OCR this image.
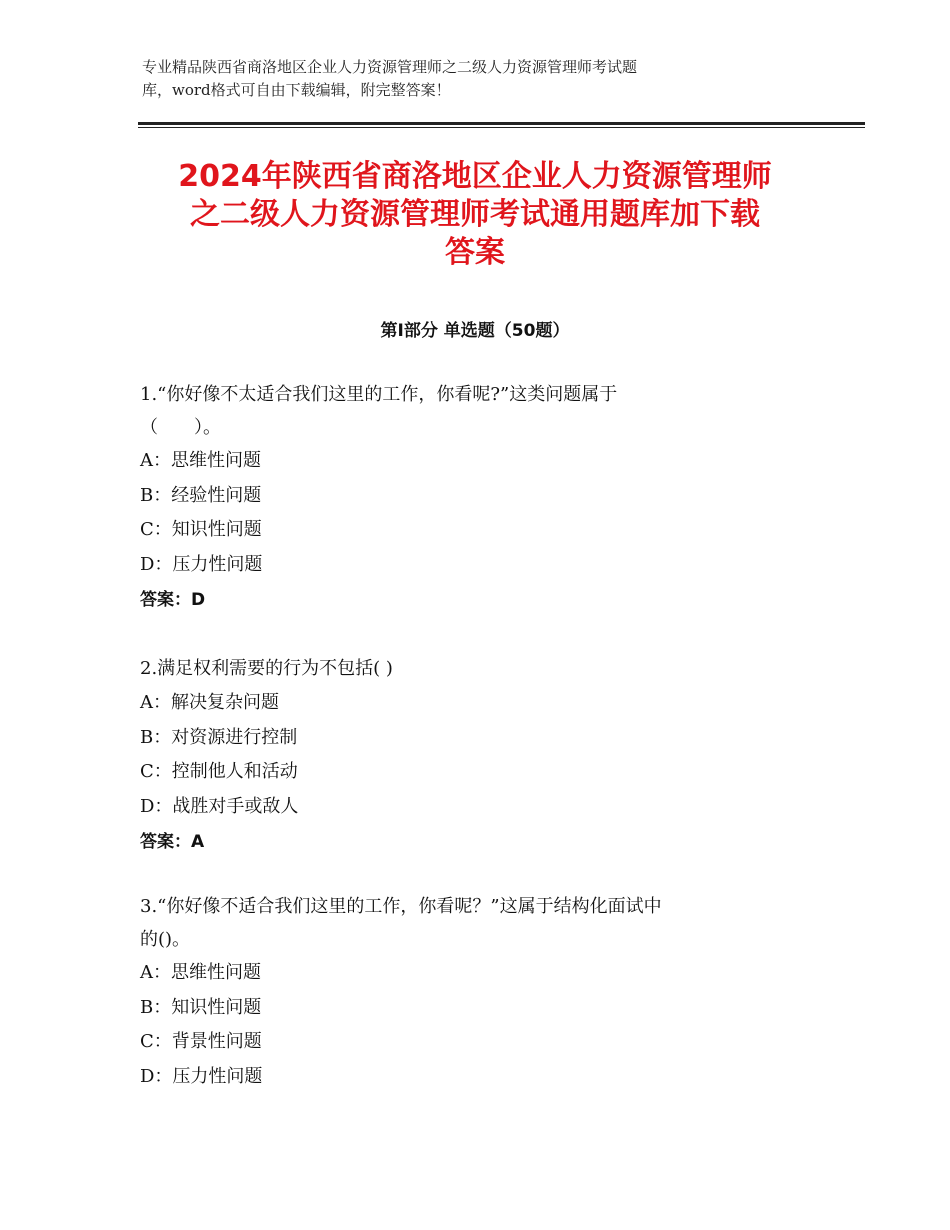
专业精品陕西省商洛地区企业人力资源管理师之二级人力资源管理师考试题
库，word格式可自由下载编辑，附完整答案！
2024年陕西省商洛地区企业人力资源管理师
之二级人力资源管理师考试通用题库加下载
答案
第Ⅰ部分 单选题（50题）
1.“你好像不太适合我们这里的工作，你看呢?”这类问题属于
（　　）。
A：思维性问题
B：经验性问题
C：知识性问题
D：压力性问题
答案：D
2.满足权利需要的行为不包括( )
A：解决复杂问题
B：对资源进行控制
C：控制他人和活动
D：战胜对手或敌人
答案：A
3.“你好像不适合我们这里的工作，你看呢？”这属于结构化面试中
的()。
A：思维性问题
B：知识性问题
C：背景性问题
D：压力性问题
